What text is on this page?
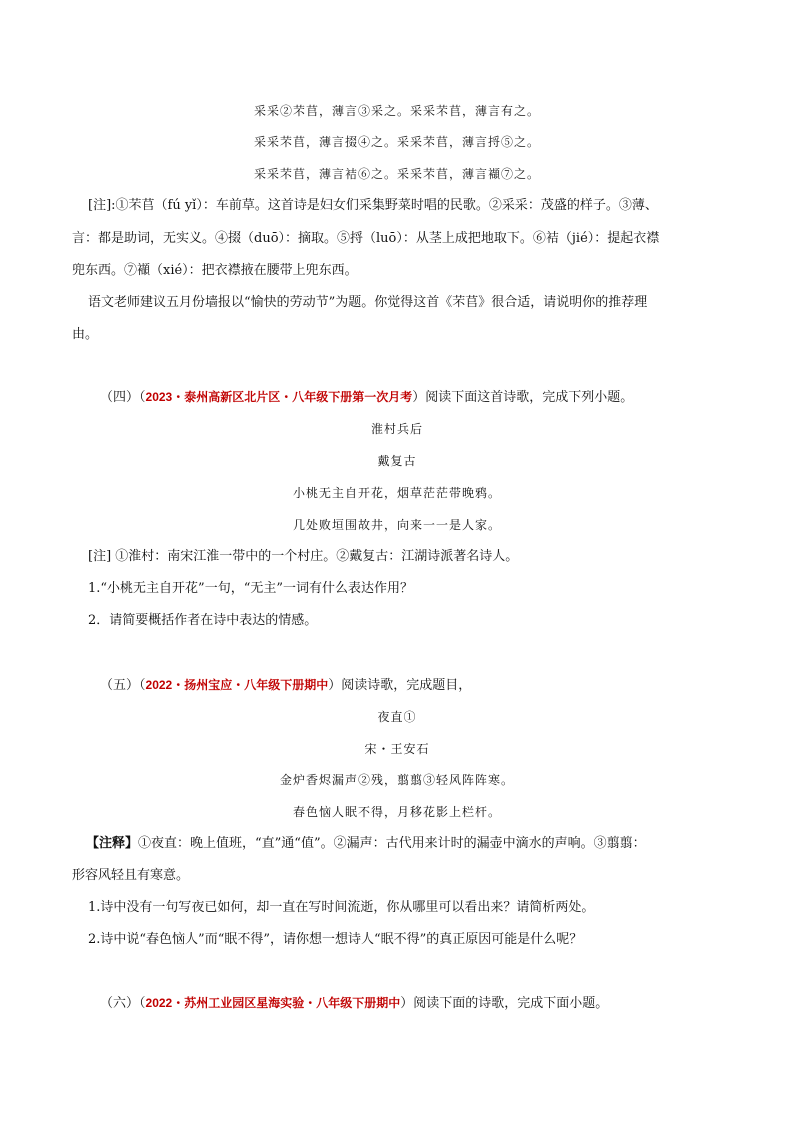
采采②芣苢，薄言③采之。采采芣苢，薄言有之。
采采芣苢，薄言掇④之。采采芣苢，薄言捋⑤之。
采采芣苢，薄言袺⑥之。采采芣苢，薄言襭⑦之。
[注]:①芣苢（fú yǐ）：车前草。这首诗是妇女们采集野菜时唱的民歌。②采采：茂盛的样子。③薄、
言：都是助词，无实义。④掇（duō）：摘取。⑤捋（luō）：从茎上成把地取下。⑥袺（jié）：提起衣襟
兜东西。⑦襭（xié）：把衣襟掖在腰带上兜东西。
语文老师建议五月份墙报以“愉快的劳动节”为题。你觉得这首《芣苢》很合适，请说明你的推荐理
由。
（四）（2023・泰州高新区北片区・八年级下册第一次月考）阅读下面这首诗歌，完成下列小题。
淮村兵后
戴复古
小桃无主自开花，烟草茫茫带晚鸦。
几处败垣围故井，向来一一是人家。
[注] ①淮村：南宋江淮一带中的一个村庄。②戴复古：江湖诗派著名诗人。
1.“小桃无主自开花”一句，“无主”一词有什么表达作用？
2．请简要概括作者在诗中表达的情感。
（五）（2022・扬州宝应・八年级下册期中）阅读诗歌，完成题目，
夜直①
宋・王安石
金炉香烬漏声②残，翦翦③轻风阵阵寒。
春色恼人眠不得，月移花影上栏杆。
【注释】①夜直：晚上值班，“直”通“值”。②漏声：古代用来计时的漏壶中滴水的声响。③翦翦：
形容风轻且有寒意。
1.诗中没有一句写夜已如何，却一直在写时间流逝，你从哪里可以看出来？请简析两处。
2.诗中说“春色恼人”而“眠不得”，请你想一想诗人“眠不得”的真正原因可能是什么呢？
（六）（2022・苏州工业园区星海实验・八年级下册期中）阅读下面的诗歌，完成下面小题。
